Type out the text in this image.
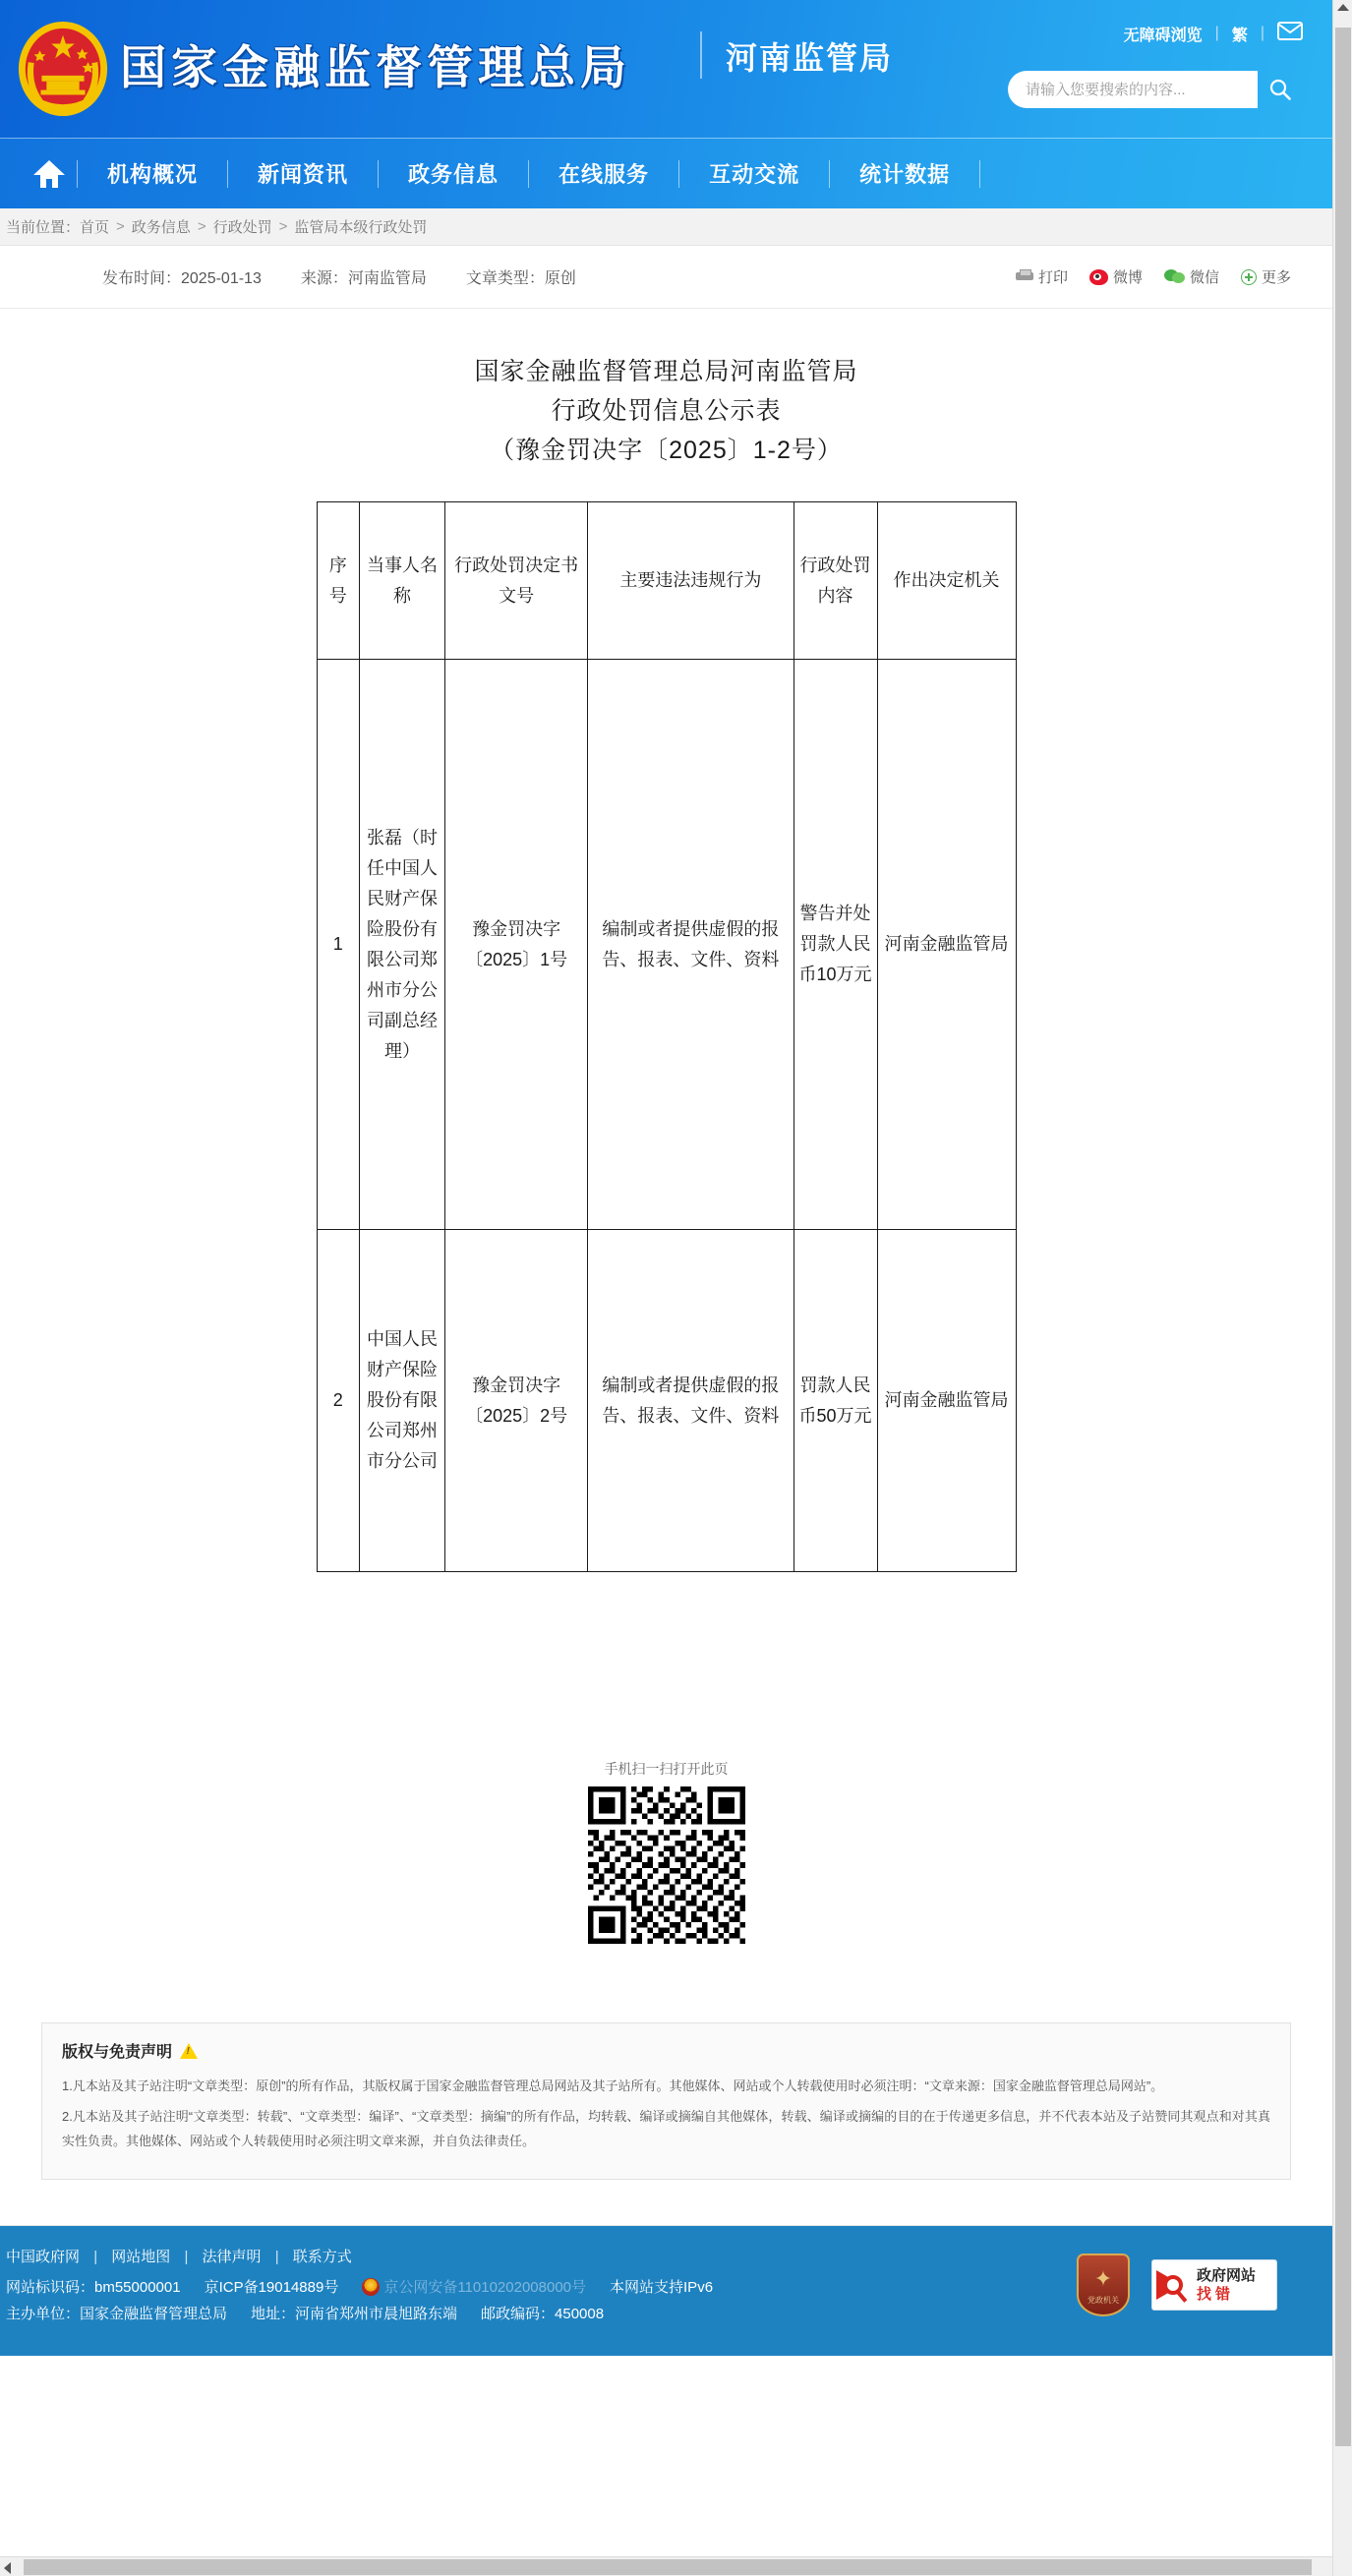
国家金融监督管理总局	河南监管局
无障碍浏览 | 繁 |
请输入您要搜索的内容...
机构概况	新闻资讯	政务信息	在线服务	互动交流	统计数据
当前位置： 首页 > 政务信息 > 行政处罚 > 监管局本级行政处罚
发布时间：2025-01-13	来源：河南监管局	文章类型：原创	打印	微博	微信	更多
国家金融监督管理总局河南监管局
行政处罚信息公示表
（豫金罚决字〔2025〕1-2号）
序号	当事人名称	行政处罚决定书文号	主要违法违规行为	行政处罚内容	作出决定机关
1	张磊（时任中国人民财产保险股份有限公司郑州市分公司副总经理）	豫金罚决字〔2025〕1号	编制或者提供虚假的报告、报表、文件、资料	警告并处罚款人民币10万元	河南金融监管局
2	中国人民财产保险股份有限公司郑州市分公司	豫金罚决字〔2025〕2号	编制或者提供虚假的报告、报表、文件、资料	罚款人民币50万元	河南金融监管局
手机扫一扫打开此页
版权与免责声明
!

1.凡本站及其子站注明“文章类型：原创”的所有作品，其版权属于国家金融监督管理总局网站及其子站所有。其他媒体、网站或个人转载使用时必须注明：“文章来源：国家金融监督管理总局网站”。

2.凡本站及其子站注明“文章类型：转载”、“文章类型：编译”、“文章类型：摘编”的所有作品，均转载、编译或摘编自其他媒体，转载、编译或摘编的目的在于传递更多信息，并不代表本站及子站赞同其观点和对其真实性负责。其他媒体、网站或个人转载使用时必须注明文章来源，并自负法律责任。

中国政府网 | 网站地图 | 法律声明 | 联系方式
网站标识码：bm55000001 京ICP备19014889号	京公网安备11010202008000号 本网站支持IPv6
主办单位：国家金融监督管理总局 地址：河南省郑州市晨旭路东端 邮政编码：450008
✦
党政机关
政府网站
找错
